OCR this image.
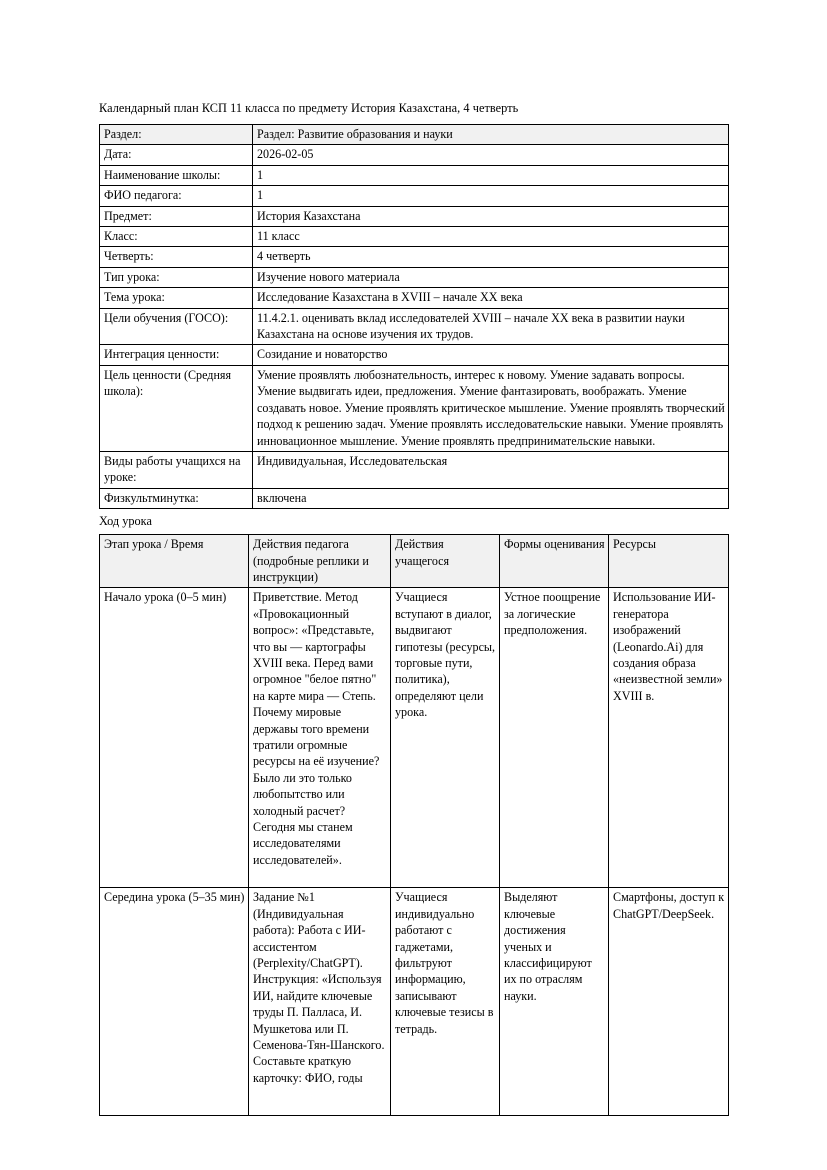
Календарный план КСП 11 класса по предмету История Казахстана, 4 четверть
Раздел:	Раздел: Развитие образования и науки
Дата:	2026-02-05
Наименование школы:	1
ФИО педагога:	1
Предмет:	История Казахстана
Класс:	11 класс
Четверть:	4 четверть
Тип урока:	Изучение нового материала
Тема урока:	Исследование Казахстана в XVIII – начале XX века
Цели обучения (ГОСО):	11.4.2.1. оценивать вклад исследователей XVIII – начале XX века в развитии науки Казахстана на основе изучения их трудов.
Интеграция ценности:	Созидание и новаторство
Цель ценности (Средняя школа):	Умение проявлять любознательность, интерес к новому. Умение задавать вопросы. Умение выдвигать идеи, предложения. Умение фантазировать, воображать. Умение создавать новое. Умение проявлять критическое мышление. Умение проявлять творческий подход к решению задач. Умение проявлять исследовательские навыки. Умение проявлять инновационное мышление. Умение проявлять предпринимательские навыки.
Виды работы учащихся на уроке:	Индивидуальная, Исследовательская
Физкультминутка:	включена
Ход урока
Этап урока / Время	Действия педагога (подробные реплики и инструкции)	Действия учащегося	Формы оценивания	Ресурсы
Начало урока (0–5 мин)	Приветствие. Метод «Провокационный вопрос»: «Представьте, что вы — картографы XVIII века. Перед вами огромное "белое пятно" на карте мира — Степь. Почему мировые державы того времени тратили огромные ресурсы на её изучение? Было ли это только любопытство или холодный расчет? Сегодня мы станем исследователями исследователей».	Учащиеся вступают в диалог, выдвигают гипотезы (ресурсы, торговые пути, политика), определяют цели урока.	Устное поощрение за логические предположения.	Использование ИИ-генератора изображений (Leonardo.Ai) для создания образа «неизвестной земли» XVIII в.
Середина урока (5–35 мин)	Задание №1 (Индивидуальная работа): Работа с ИИ-ассистентом (Perplexity/ChatGPT). Инструкция: «Используя ИИ, найдите ключевые труды П. Палласа, И. Мушкетова или П. Семенова-Тян-Шанского. Составьте краткую карточку: ФИО, годы	Учащиеся индивидуально работают с гаджетами, фильтруют информацию, записывают ключевые тезисы в тетрадь.	Выделяют ключевые достижения ученых и классифицируют их по отраслям науки.	Смартфоны, доступ к ChatGPT/DeepSeek.
